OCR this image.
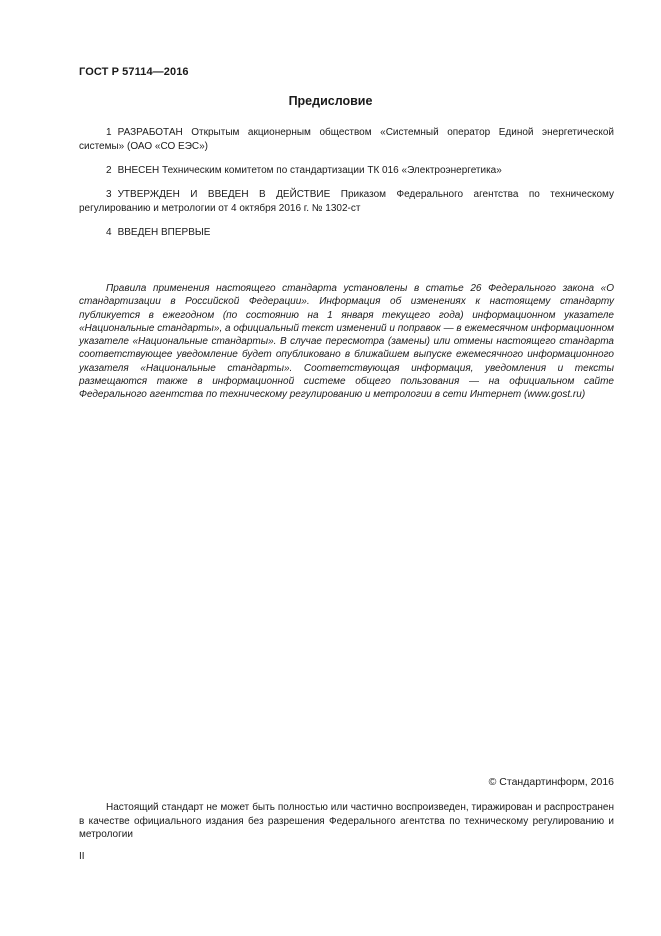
ГОСТ Р 57114—2016
Предисловие

1 РАЗРАБОТАН Открытым акционерным обществом «Системный оператор Единой энергетической системы» (ОАО «СО ЕЭС»)

2 ВНЕСЕН Техническим комитетом по стандартизации ТК 016 «Электроэнергетика»

3 УТВЕРЖДЕН И ВВЕДЕН В ДЕЙСТВИЕ Приказом Федерального агентства по техническому регулированию и метрологии от 4 октября 2016 г. № 1302-ст

4 ВВЕДЕН ВПЕРВЫЕ

Правила применения настоящего стандарта установлены в статье 26 Федерального закона «О стандартизации в Российской Федерации». Информация об изменениях к настоящему стандарту публикуется в ежегодном (по состоянию на 1 января текущего года) информационном указателе «Национальные стандарты», а официальный текст изменений и поправок — в ежемесячном информационном указателе «Национальные стандарты». В случае пересмотра (замены) или отмены настоящего стандарта соответствующее уведомление будет опубликовано в ближайшем выпуске ежемесячного информационного указателя «Национальные стандарты». Соответствующая информация, уведомления и тексты размещаются также в информационной системе общего пользования — на официальном сайте Федерального агентства по техническому регулированию и метрологии в сети Интернет (www.gost.ru)

© Стандартинформ, 2016

Настоящий стандарт не может быть полностью или частично воспроизведен, тиражирован и распространен в качестве официального издания без разрешения Федерального агентства по техническому регулированию и метрологии

II
